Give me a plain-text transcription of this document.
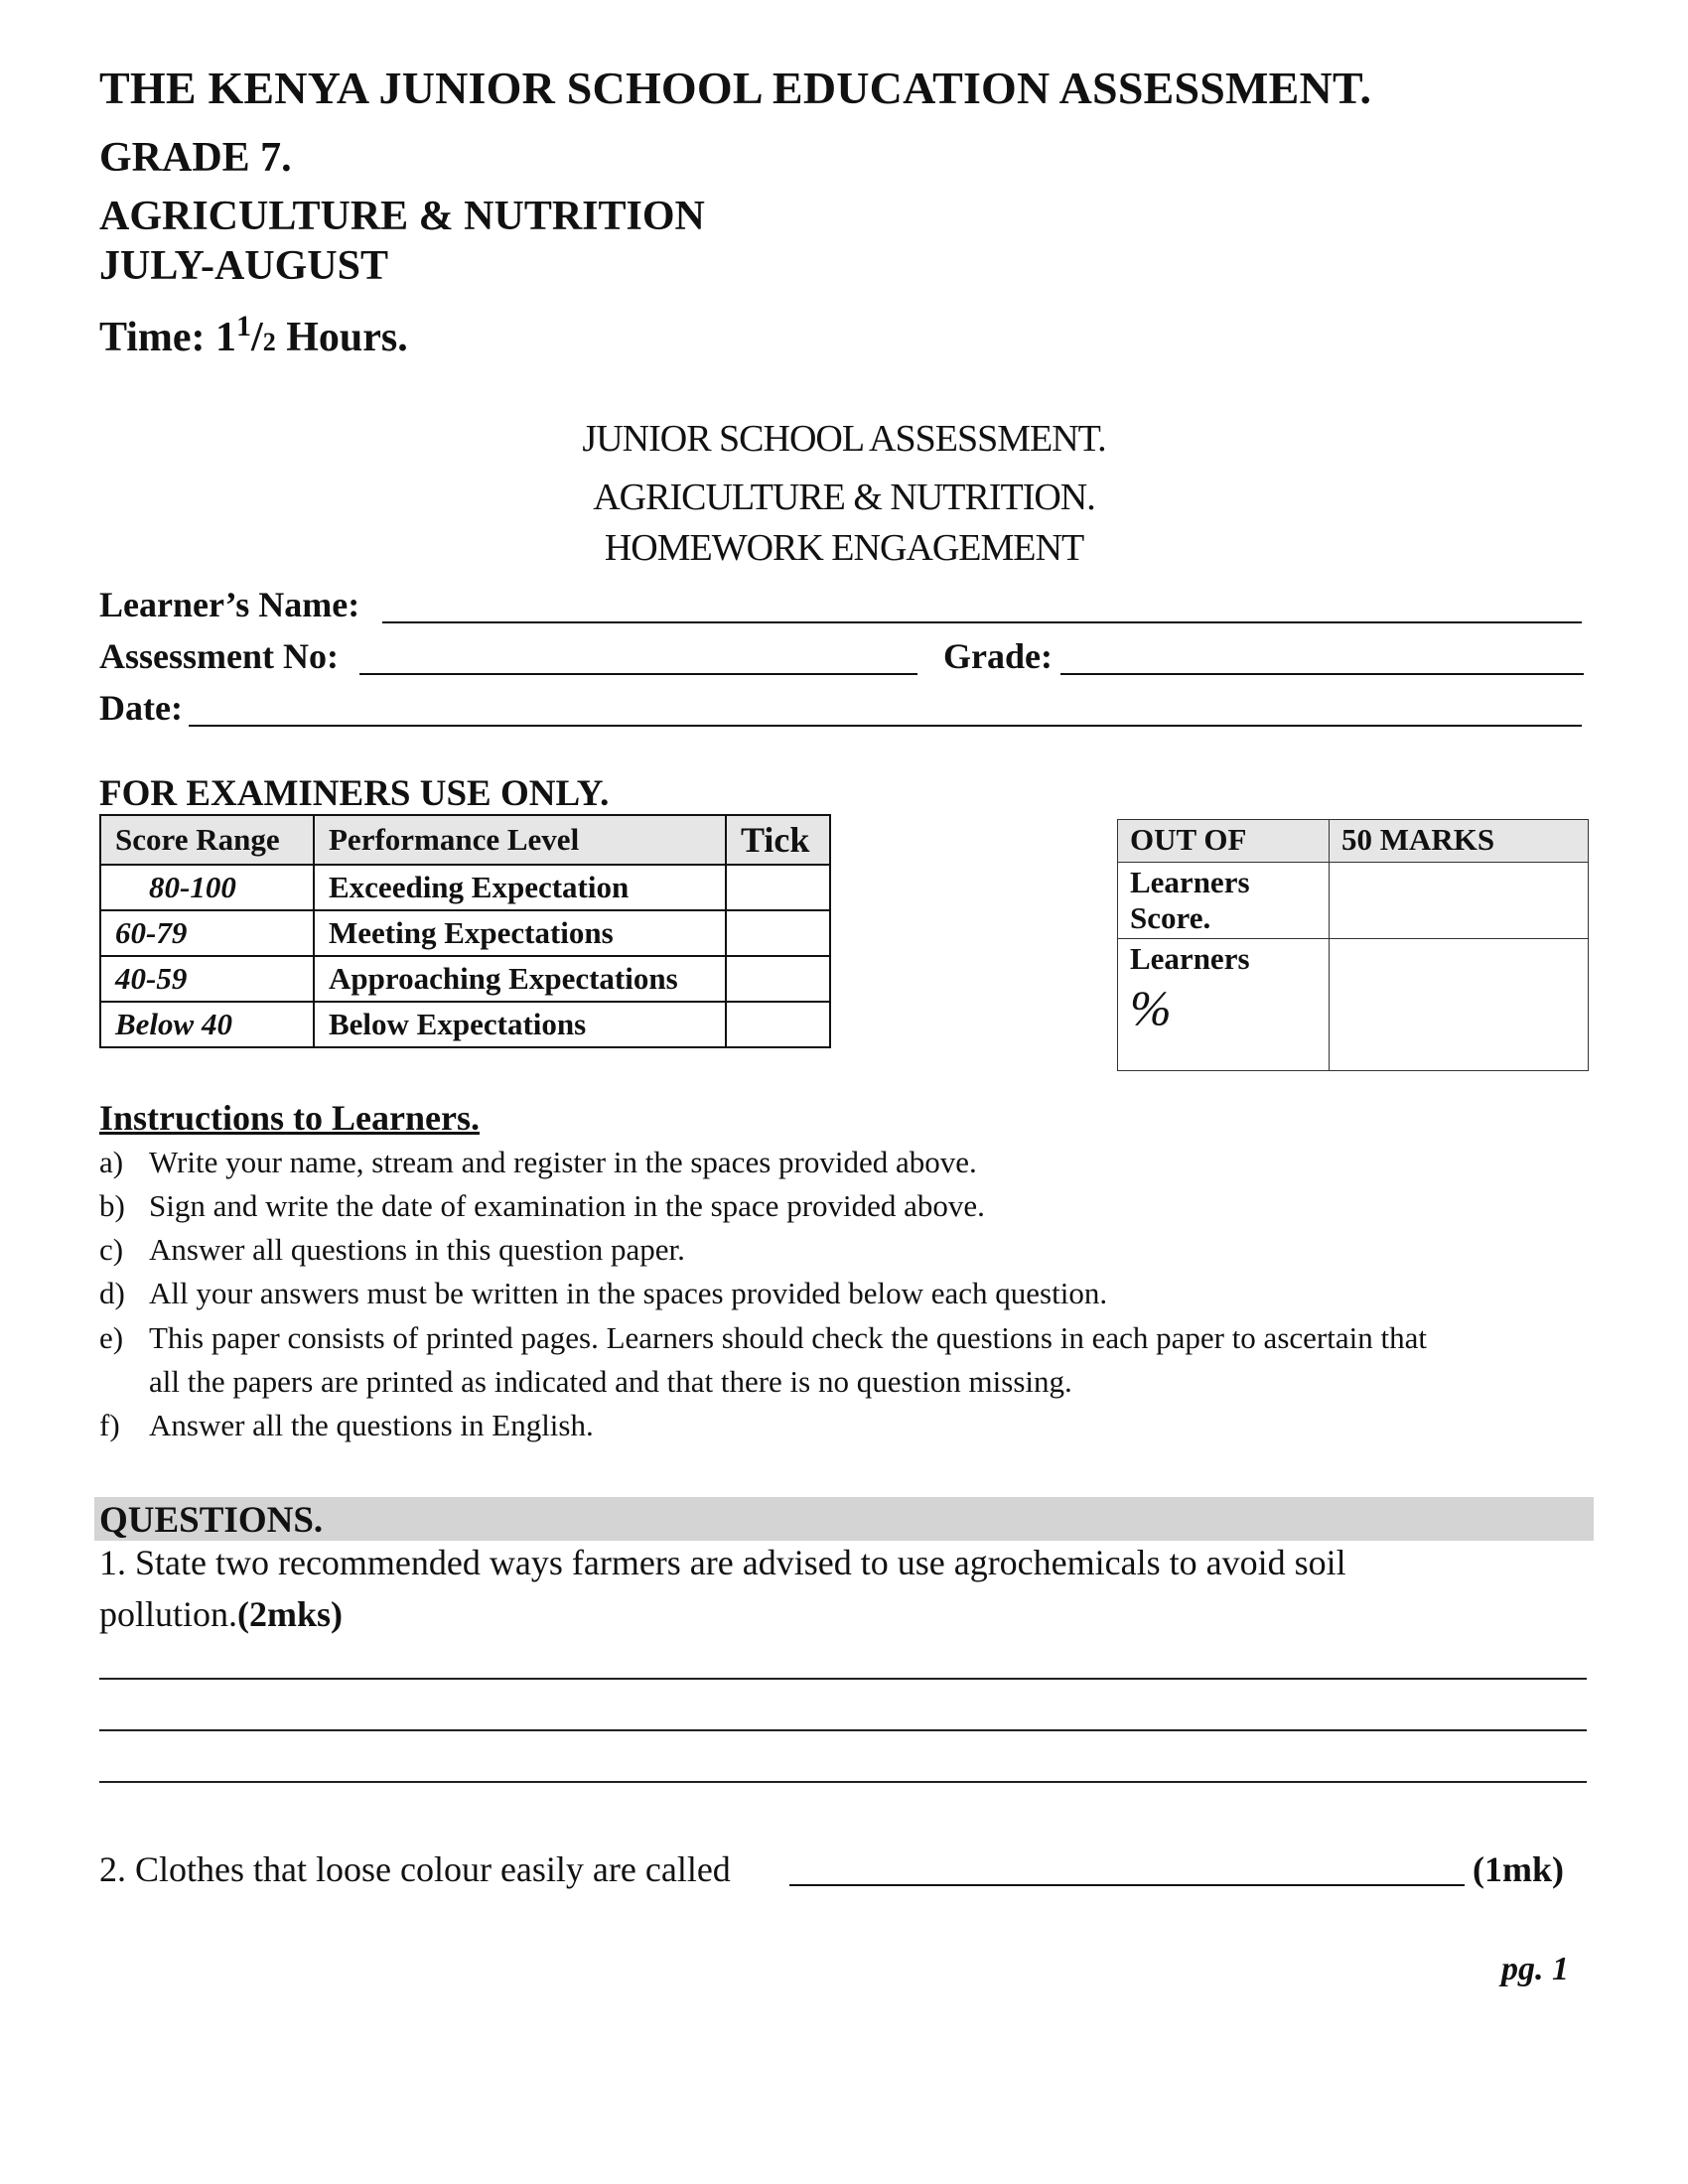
THE KENYA JUNIOR SCHOOL EDUCATION ASSESSMENT.
GRADE 7.
AGRICULTURE & NUTRITION
JULY-AUGUST
Time: $1^1/2$ Hours.
JUNIOR SCHOOL ASSESSMENT.
AGRICULTURE & NUTRITION.
HOMEWORK ENGAGEMENT
Learner’s Name:
Assessment No:	Grade:
Date:
FOR EXAMINERS USE ONLY.
Score Range	Performance Level	Tick
80-100	Exceeding Expectation	
60-79	Meeting Expectations	
40-59	Approaching Expectations	
Below 40	Below Expectations	
OUT OF	50 MARKS

Learners
Score.	

Learners
%	

Instructions to Learners.
a) Write your name, stream and register in the spaces provided above.
b) Sign and write the date of examination in the space provided above.
c) Answer all questions in this question paper.
d) All your answers must be written in the spaces provided below each question.
e) This paper consists of printed pages. Learners should check the questions in each paper to ascertain that
all the papers are printed as indicated and that there is no question missing.
f) Answer all the questions in English.
QUESTIONS.
1. State two recommended ways farmers are advised to use agrochemicals to avoid soil
pollution.(2mks)
2. Clothes that loose colour easily are called	(1mk)
pg. 1
